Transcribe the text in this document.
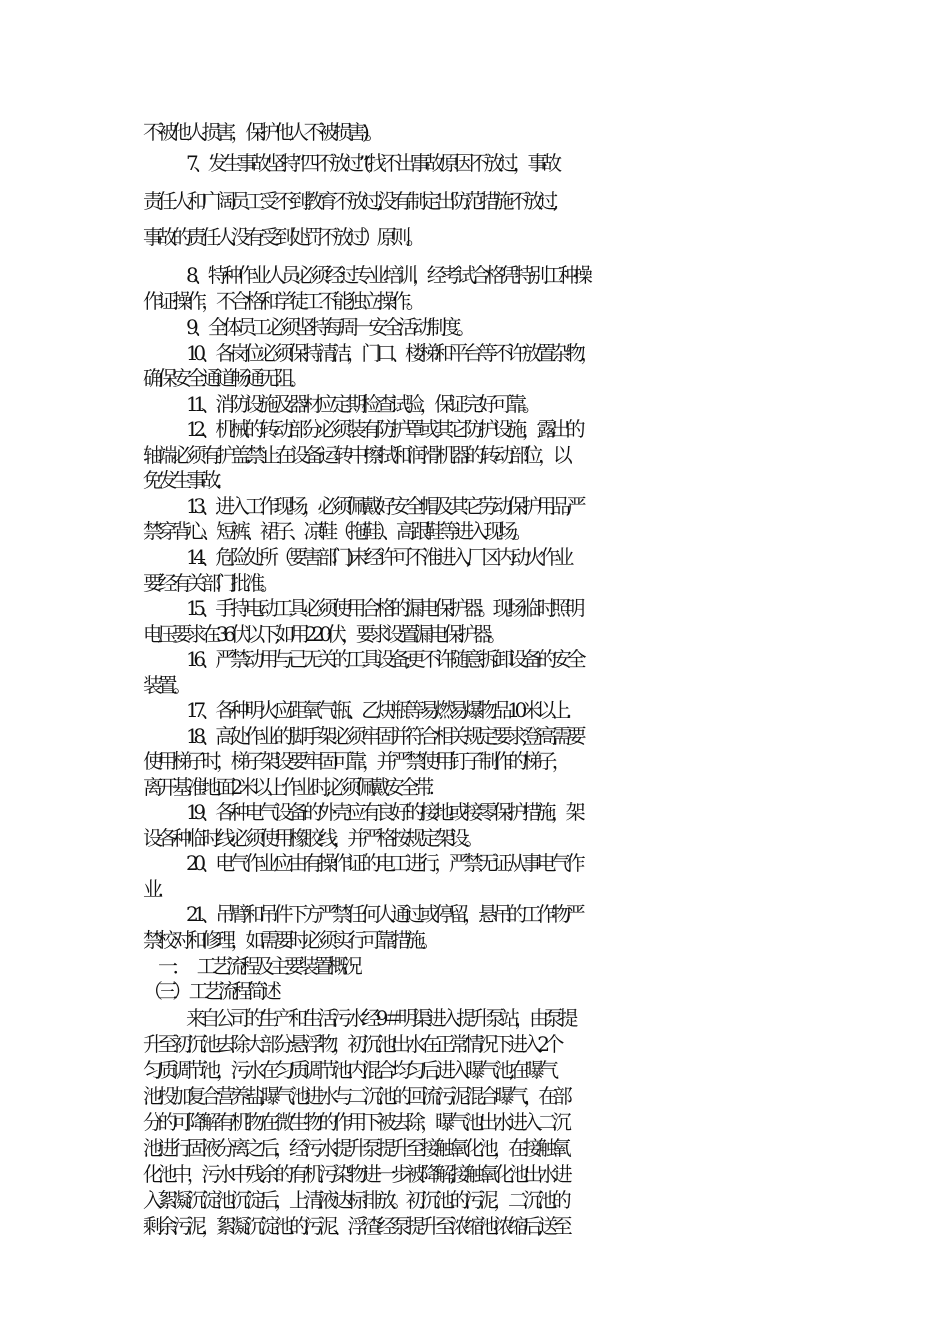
不被他人损害，保护他人不被损害)。
7、发生事故坚持“四不放过”( 找不出事故原因不放过，事故
责任人和广阔员工受不到教育不放过,没有制定出防范措施不放过,
事故的责任人没有受到处罚不放过）原则。
8、特种作业人员必须经过专业培训，经考试合格凭特别工种操
作证操作，不合格和学徒工不能独立操作。
9、全体员工必须坚持每周一安全活动制度。
10、各岗位必须保持清洁，门口、楼梯和平台等不许放置杂物，
确保安全通道畅通无阻。
11、消防设施及器材应定期检查试验，保证完好可靠。
12、机械的转动部分必须装有防护罩或其它防护设施，露出的
轴端必须有护盖.禁止在设备运转中擦拭和润滑机器的转动部位，以
免发生事故.
13、进入工作现场，必须佩戴好安全帽及其它劳动保护用品,严
禁穿背心、短裤、裙子、凉鞋（拖鞋）、高跟鞋等进入现场。
14、危险处所（要害部门)未经许可不准进入,厂区内动火作业
要经有关部门批准。
15、手持电动工具必须使用合格的漏电保护器。现场临时照明
电压要求在36伏以下,如用220伏，要求设置漏电保护器。
16、严禁动用与己无关的工具设备,更不许随意拆卸设备的安全
装置。
17、各种明火应距氧气瓶、乙炔瓶等易燃易爆物品10米以上.
18、高处作业的脚手架必须牢固并符合相关规定要求,登高需要
使用梯子时，梯子架设要牢固可靠，并严禁使用钉子制作的梯子，
离开基准地面2米以上作业时,必须佩戴安全带.
19、各种电气设备的外壳应有良好的接地或接零保护措施，架
设各种临时线必须使用橡胶线，并严格按规定架设。
20、电气作业应由有操作证的电工进行，严禁无证从事电气作
业.
21、吊臂和吊件下方严禁任何人通过或停留，悬吊的工作物严
禁校对和修理，如需要时必须实行可靠措施。
一．          工艺流程及主要装置概况
（三）  工艺流程简述
来自公司的生产和生活污水经9＃明渠进入提升泵站，由泵提
升至初沉池去除大部分悬浮物，初沉池出水在正常情况下进入2个
匀质调节池，污水在匀质调节池内混合均匀后,进入曝气池,在曝气
池投加复合营养盐,曝气池进水与二沉池的回流污泥混合曝气，在部
分的可降解有机物在微生物的作用下被去除，曝气池出水进入二沉
池进行固液分离之后，经污水提升泵提升至接触氧化池，在接触氧
化池中，污水中残余的有机污染物进一步被降解,接触氧化池出水进
入絮凝沉淀池沉淀后，上清液达标排放。初沉池的污泥，二沉池的
剩余污泥，絮凝沉淀池的污泥、浮渣经泵提升至浓缩池浓缩后,送至
